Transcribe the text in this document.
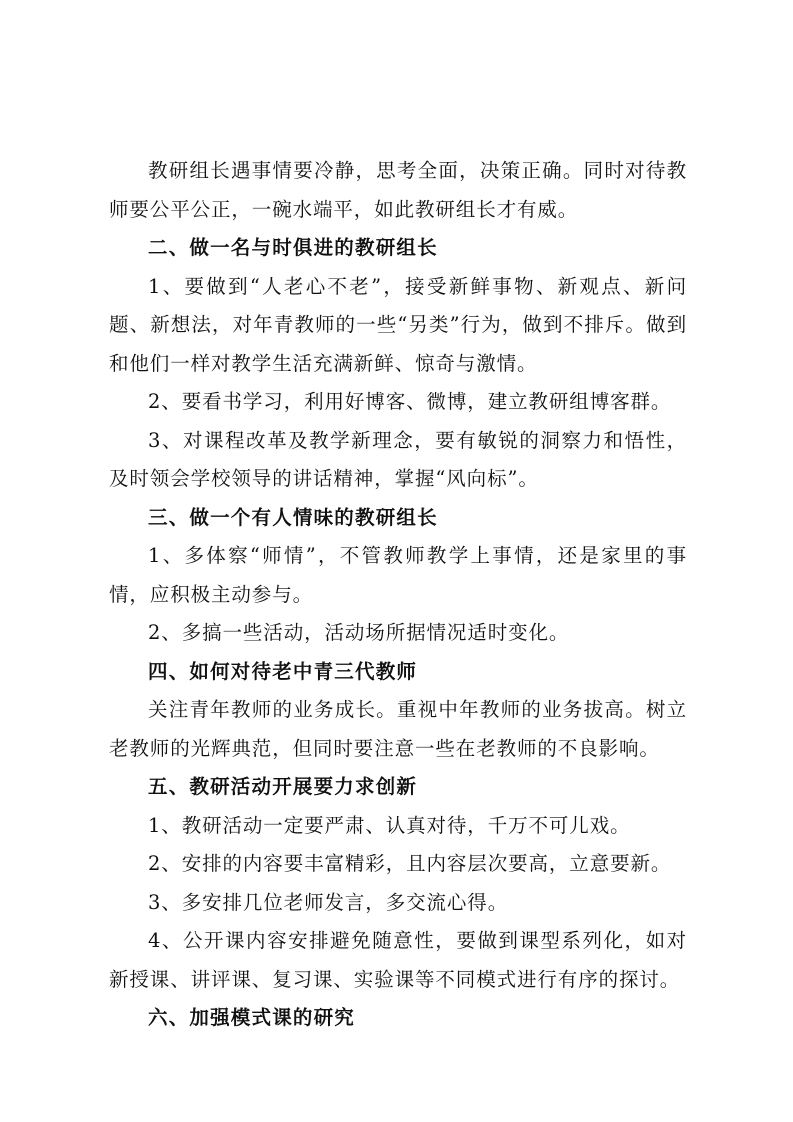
教研组长遇事情要冷静，思考全面，决策正确。同时对待教师要公平公正，一碗水端平，如此教研组长才有威。

二、做一名与时俱进的教研组长

1、要做到“人老心不老”，接受新鲜事物、新观点、新问题、新想法，对年青教师的一些“另类”行为，做到不排斥。做到和他们一样对教学生活充满新鲜、惊奇与激情。

2、要看书学习，利用好博客、微博，建立教研组博客群。

3、对课程改革及教学新理念，要有敏锐的洞察力和悟性，及时领会学校领导的讲话精神，掌握“风向标”。

三、做一个有人情味的教研组长

1、多体察“师情”，不管教师教学上事情，还是家里的事情，应积极主动参与。

2、多搞一些活动，活动场所据情况适时变化。

四、如何对待老中青三代教师

关注青年教师的业务成长。重视中年教师的业务拔高。树立老教师的光辉典范，但同时要注意一些在老教师的不良影响。

五、教研活动开展要力求创新

1、教研活动一定要严肃、认真对待，千万不可儿戏。

2、安排的内容要丰富精彩，且内容层次要高，立意要新。

3、多安排几位老师发言，多交流心得。

4、公开课内容安排避免随意性，要做到课型系列化，如对新授课、讲评课、复习课、实验课等不同模式进行有序的探讨。

六、加强模式课的研究
